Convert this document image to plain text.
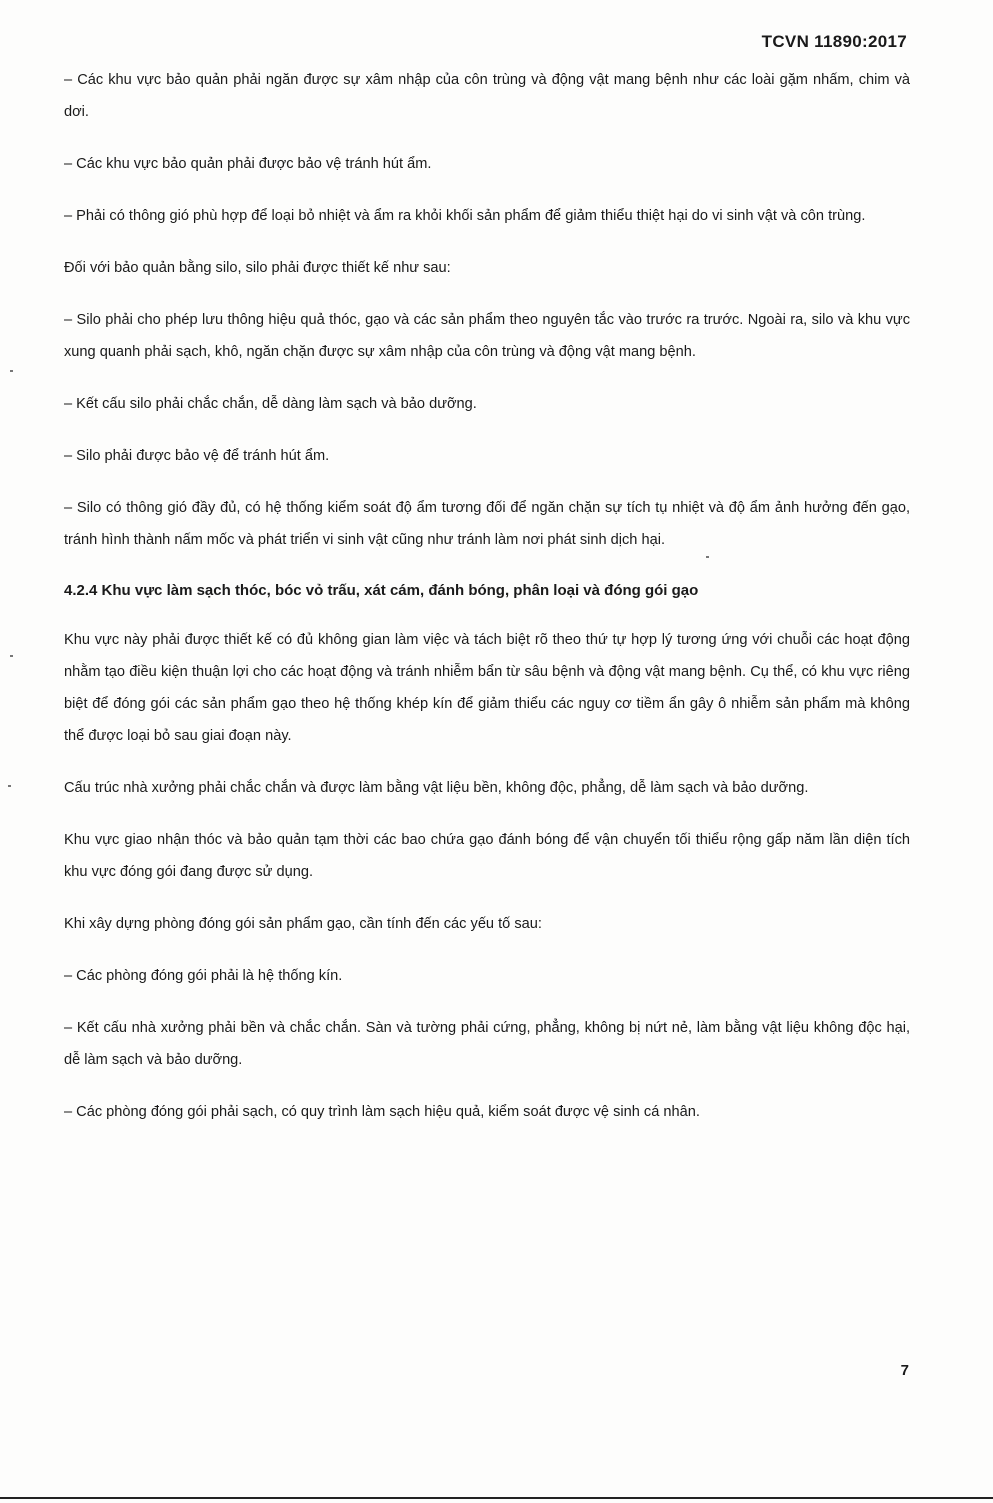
TCVN 11890:2017

– Các khu vực bảo quản phải ngăn được sự xâm nhập của côn trùng và động vật mang bệnh như các loài gặm nhấm, chim và dơi.

– Các khu vực bảo quản phải được bảo vệ tránh hút ẩm.

– Phải có thông gió phù hợp để loại bỏ nhiệt và ẩm ra khỏi khối sản phẩm để giảm thiểu thiệt hại do vi sinh vật và côn trùng.

Đối với bảo quản bằng silo, silo phải được thiết kế như sau:

– Silo phải cho phép lưu thông hiệu quả thóc, gạo và các sản phẩm theo nguyên tắc vào trước ra trước. Ngoài ra, silo và khu vực xung quanh phải sạch, khô, ngăn chặn được sự xâm nhập của côn trùng và động vật mang bệnh.

– Kết cấu silo phải chắc chắn, dễ dàng làm sạch và bảo dưỡng.

– Silo phải được bảo vệ để tránh hút ẩm.

– Silo có thông gió đầy đủ, có hệ thống kiểm soát độ ẩm tương đối để ngăn chặn sự tích tụ nhiệt và độ ẩm ảnh hưởng đến gạo, tránh hình thành nấm mốc và phát triển vi sinh vật cũng như tránh làm nơi phát sinh dịch hại.

4.2.4 Khu vực làm sạch thóc, bóc vỏ trấu, xát cám, đánh bóng, phân loại và đóng gói gạo

Khu vực này phải được thiết kế có đủ không gian làm việc và tách biệt rõ theo thứ tự hợp lý tương ứng với chuỗi các hoạt động nhằm tạo điều kiện thuận lợi cho các hoạt động và tránh nhiễm bẩn từ sâu bệnh và động vật mang bệnh. Cụ thể, có khu vực riêng biệt để đóng gói các sản phẩm gạo theo hệ thống khép kín để giảm thiểu các nguy cơ tiềm ẩn gây ô nhiễm sản phẩm mà không thể được loại bỏ sau giai đoạn này.

Cấu trúc nhà xưởng phải chắc chắn và được làm bằng vật liệu bền, không độc, phẳng, dễ làm sạch và bảo dưỡng.

Khu vực giao nhận thóc và bảo quản tạm thời các bao chứa gạo đánh bóng để vận chuyển tối thiểu rộng gấp năm lần diện tích khu vực đóng gói đang được sử dụng.

Khi xây dựng phòng đóng gói sản phẩm gạo, cần tính đến các yếu tố sau:

– Các phòng đóng gói phải là hệ thống kín.

– Kết cấu nhà xưởng phải bền và chắc chắn. Sàn và tường phải cứng, phẳng, không bị nứt nẻ, làm bằng vật liệu không độc hại, dễ làm sạch và bảo dưỡng.

– Các phòng đóng gói phải sạch, có quy trình làm sạch hiệu quả, kiểm soát được vệ sinh cá nhân.

7
